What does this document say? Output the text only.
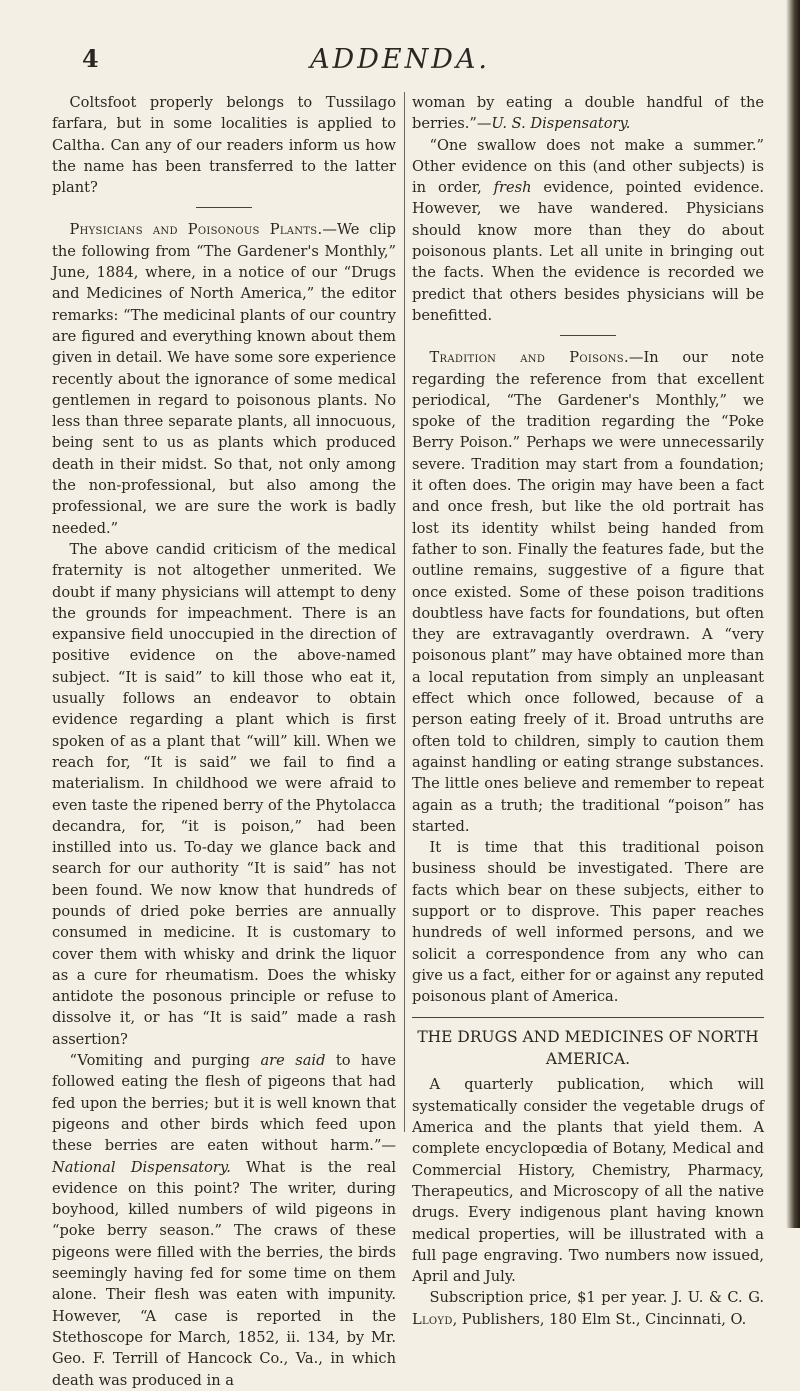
4	ADDENDA.

Coltsfoot properly belongs to Tussilago farfara, but in some localities is applied to Caltha. Can any of our readers inform us how the name has been transferred to the latter plant?

Physicians and Poisonous Plants.—We clip the following from “The Gardener's Monthly,” June, 1884, where, in a notice of our “Drugs and Medicines of North America,” the editor remarks: “The medicinal plants of our country are figured and everything known about them given in detail. We have some sore experience recently about the ignorance of some medical gentlemen in regard to poisonous plants. No less than three separate plants, all innocuous, being sent to us as plants which produced death in their midst. So that, not only among the non-professional, but also among the professional, we are sure the work is badly needed.”

The above candid criticism of the medical fraternity is not altogether unmerited. We doubt if many physicians will attempt to deny the grounds for impeachment. There is an expansive field unoccupied in the direction of positive evidence on the above-named subject. “It is said” to kill those who eat it, usually follows an endeavor to obtain evidence regarding a plant which is first spoken of as a plant that “will” kill. When we reach for, “It is said” we fail to find a materialism. In childhood we were afraid to even taste the ripened berry of the Phytolacca decandra, for, “it is poison,” had been instilled into us. To-day we glance back and search for our authority “It is said” has not been found. We now know that hundreds of pounds of dried poke berries are annually consumed in medicine. It is customary to cover them with whisky and drink the liquor as a cure for rheumatism. Does the whisky antidote the posonous principle or refuse to dissolve it, or has “It is said” made a rash assertion?

“Vomiting and purging are said to have followed eating the flesh of pigeons that had fed upon the berries; but it is well known that pigeons and other birds which feed upon these berries are eaten without harm.”—National Dispensatory. What is the real evidence on this point? The writer, during boyhood, killed numbers of wild pigeons in “poke berry season.” The craws of these pigeons were filled with the berries, the birds seemingly having fed for some time on them alone. Their flesh was eaten with impunity. However, “A case is reported in the Stethoscope for March, 1852, ii. 134, by Mr. Geo. F. Terrill of Hancock Co., Va., in which death was produced in a

woman by eating a double handful of the berries.”—U. S. Dispensatory.

“One swallow does not make a summer.” Other evidence on this (and other subjects) is in order, fresh evidence, pointed evidence. However, we have wandered. Physicians should know more than they do about poisonous plants. Let all unite in bringing out the facts. When the evidence is recorded we predict that others besides physicians will be benefitted.

Tradition and Poisons.—In our note regarding the reference from that excellent periodical, “The Gardener's Monthly,” we spoke of the tradition regarding the “Poke Berry Poison.” Perhaps we were unnecessarily severe. Tradition may start from a foundation; it often does. The origin may have been a fact and once fresh, but like the old portrait has lost its identity whilst being handed from father to son. Finally the features fade, but the outline remains, suggestive of a figure that once existed. Some of these poison traditions doubtless have facts for foundations, but often they are extravagantly overdrawn. A “very poisonous plant” may have obtained more than a local reputation from simply an unpleasant effect which once followed, because of a person eating freely of it. Broad untruths are often told to children, simply to caution them against handling or eating strange substances. The little ones believe and remember to repeat again as a truth; the traditional “poison” has started.

It is time that this traditional poison business should be investigated. There are facts which bear on these subjects, either to support or to disprove. This paper reaches hundreds of well informed persons, and we solicit a correspondence from any who can give us a fact, either for or against any reputed poisonous plant of America.

THE DRUGS AND MEDICINES OF NORTH AMERICA.

A quarterly publication, which will systematically consider the vegetable drugs of America and the plants that yield them. A complete encyclopœdia of Botany, Medical and Commercial History, Chemistry, Pharmacy, Therapeutics, and Microscopy of all the native drugs. Every indigenous plant having known medical properties, will be illustrated with a full page engraving. Two numbers now issued, April and July.

Subscription price, $1 per year. J. U. & C. G. Lloyd, Publishers, 180 Elm St., Cincinnati, O.
